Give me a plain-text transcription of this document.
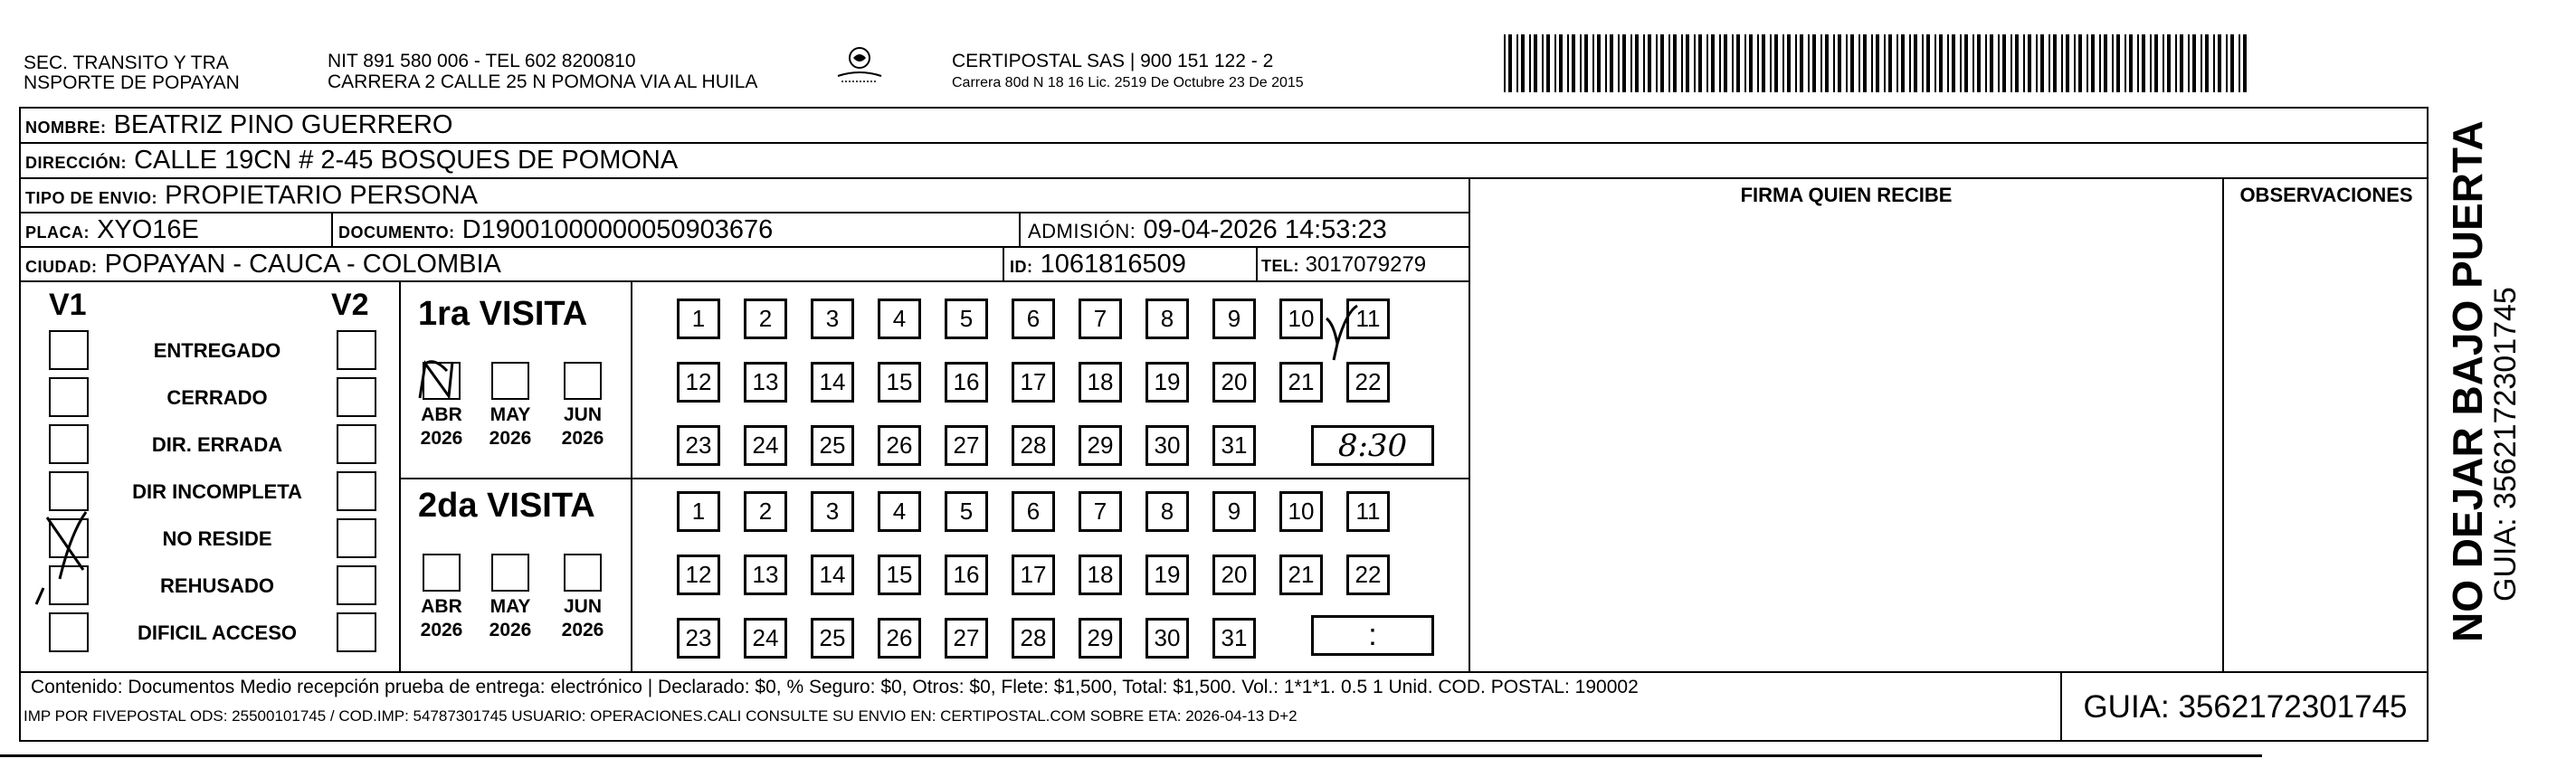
SEC. TRANSITO Y TRA
NSPORTE DE POPAYAN
NIT 891 580 006 - TEL 602 8200810
CARRERA 2 CALLE 25 N POMONA VIA AL HUILA
CERTIPOSTAL SAS | 900 151 122 - 2
Carrera 80d N 18 16 Lic. 2519 De Octubre 23 De 2015
NOMBRE: BEATRIZ PINO GUERRERO
DIRECCIÓN: CALLE 19CN # 2-45 BOSQUES DE POMONA
TIPO DE ENVIO: PROPIETARIO PERSONA
PLACA: XYO16E	DOCUMENTO: D19001000000050903676	ADMISIÓN: 09-04-2026 14:53:23
CIUDAD: POPAYAN - CAUCA - COLOMBIA	ID: 1061816509	TEL: 3017079279
FIRMA QUIEN RECIBE	OBSERVACIONES
V1	V2
ENTREGADO
CERRADO
DIR. ERRADA
DIR INCOMPLETA
NO RESIDE
REHUSADO
DIFICIL ACCESO
1ra VISITA
2da VISITA
ABR
2026
MAY
2026
JUN
2026
ABR
2026
MAY
2026
JUN
2026
1	2	3	4	5	6	7	8	9	10	11
12	13	14	15	16	17	18	19	20	21	22
23	24	25	26	27	28	29	30	31
1	2	3	4	5	6	7	8	9	10	11
12	13	14	15	16	17	18	19	20	21	22
23	24	25	26	27	28	29	30	31
8:30
:
Contenido: Documentos Medio recepción prueba de entrega: electrónico | Declarado: $0, % Seguro: $0, Otros: $0, Flete: $1,500, Total: $1,500. Vol.: 1*1*1. 0.5 1 Unid. COD. POSTAL: 190002
IMP POR FIVEPOSTAL ODS: 25500101745 / COD.IMP: 54787301745 USUARIO: OPERACIONES.CALI CONSULTE SU ENVIO EN: CERTIPOSTAL.COM SOBRE ETA: 2026-04-13 D+2	GUIA: 3562172301745
NO DEJAR BAJO PUERTA
GUIA: 3562172301745
